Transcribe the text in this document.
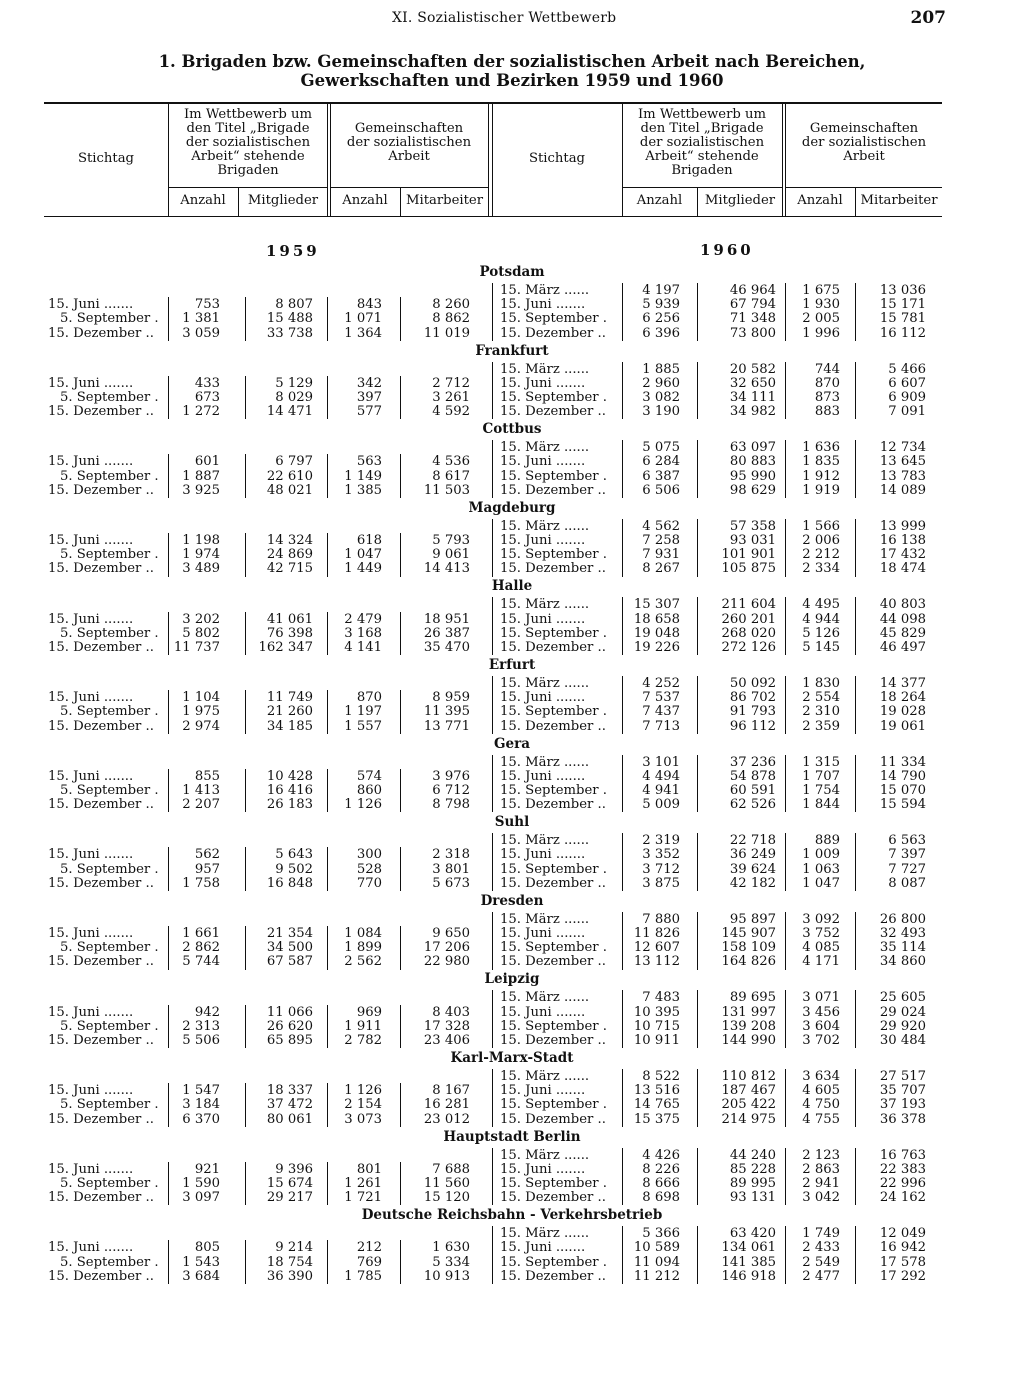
XI. Sozialistischer Wettbewerb	207
1. Brigaden bzw. Gemeinschaften der sozialistischen Arbeit nach Bereichen,
Gewerkschaften und Bezirken 1959 und 1960
Stichtag	Stichtag
Im Wettbewerb um
den Titel „Brigade
der sozialistischen
Arbeit“ stehende
Brigaden
Gemeinschaften
der sozialistischen
Arbeit
Im Wettbewerb um
den Titel „Brigade
der sozialistischen
Arbeit“ stehende
Brigaden
Gemeinschaften
der sozialistischen
Arbeit
Anzahl	Mitglieder	Anzahl	Mitarbeiter	Anzahl	Mitglieder	Anzahl	Mitarbeiter
1959	1960
Potsdam
15. März ......	4 197	46 964	1 675	13 036
15. Juni .......	5 939	67 794	1 930	15 171
15. September .	6 256	71 348	2 005	15 781
15. Dezember ..	6 396	73 800	1 996	16 112
15. Juni .......	753	8 807	843	8 260
5. September .	1 381	15 488	1 071	8 862
15. Dezember ..	3 059	33 738	1 364	11 019
Frankfurt
15. März ......	1 885	20 582	744	5 466
15. Juni .......	2 960	32 650	870	6 607
15. September .	3 082	34 111	873	6 909
15. Dezember ..	3 190	34 982	883	7 091
15. Juni .......	433	5 129	342	2 712
5. September .	673	8 029	397	3 261
15. Dezember ..	1 272	14 471	577	4 592
Cottbus
15. März ......	5 075	63 097	1 636	12 734
15. Juni .......	6 284	80 883	1 835	13 645
15. September .	6 387	95 990	1 912	13 783
15. Dezember ..	6 506	98 629	1 919	14 089
15. Juni .......	601	6 797	563	4 536
5. September .	1 887	22 610	1 149	8 617
15. Dezember ..	3 925	48 021	1 385	11 503
Magdeburg
15. März ......	4 562	57 358	1 566	13 999
15. Juni .......	7 258	93 031	2 006	16 138
15. September .	7 931	101 901	2 212	17 432
15. Dezember ..	8 267	105 875	2 334	18 474
15. Juni .......	1 198	14 324	618	5 793
5. September .	1 974	24 869	1 047	9 061
15. Dezember ..	3 489	42 715	1 449	14 413
Halle
15. März ......	15 307	211 604	4 495	40 803
15. Juni .......	18 658	260 201	4 944	44 098
15. September .	19 048	268 020	5 126	45 829
15. Dezember ..	19 226	272 126	5 145	46 497
15. Juni .......	3 202	41 061	2 479	18 951
5. September .	5 802	76 398	3 168	26 387
15. Dezember ..	11 737	162 347	4 141	35 470
Erfurt
15. März ......	4 252	50 092	1 830	14 377
15. Juni .......	7 537	86 702	2 554	18 264
15. September .	7 437	91 793	2 310	19 028
15. Dezember ..	7 713	96 112	2 359	19 061
15. Juni .......	1 104	11 749	870	8 959
5. September .	1 975	21 260	1 197	11 395
15. Dezember ..	2 974	34 185	1 557	13 771
Gera
15. März ......	3 101	37 236	1 315	11 334
15. Juni .......	4 494	54 878	1 707	14 790
15. September .	4 941	60 591	1 754	15 070
15. Dezember ..	5 009	62 526	1 844	15 594
15. Juni .......	855	10 428	574	3 976
5. September .	1 413	16 416	860	6 712
15. Dezember ..	2 207	26 183	1 126	8 798
Suhl
15. März ......	2 319	22 718	889	6 563
15. Juni .......	3 352	36 249	1 009	7 397
15. September .	3 712	39 624	1 063	7 727
15. Dezember ..	3 875	42 182	1 047	8 087
15. Juni .......	562	5 643	300	2 318
5. September .	957	9 502	528	3 801
15. Dezember ..	1 758	16 848	770	5 673
Dresden
15. März ......	7 880	95 897	3 092	26 800
15. Juni .......	11 826	145 907	3 752	32 493
15. September .	12 607	158 109	4 085	35 114
15. Dezember ..	13 112	164 826	4 171	34 860
15. Juni .......	1 661	21 354	1 084	9 650
5. September .	2 862	34 500	1 899	17 206
15. Dezember ..	5 744	67 587	2 562	22 980
Leipzig
15. März ......	7 483	89 695	3 071	25 605
15. Juni .......	10 395	131 997	3 456	29 024
15. September .	10 715	139 208	3 604	29 920
15. Dezember ..	10 911	144 990	3 702	30 484
15. Juni .......	942	11 066	969	8 403
5. September .	2 313	26 620	1 911	17 328
15. Dezember ..	5 506	65 895	2 782	23 406
Karl-Marx-Stadt
15. März ......	8 522	110 812	3 634	27 517
15. Juni .......	13 516	187 467	4 605	35 707
15. September .	14 765	205 422	4 750	37 193
15. Dezember ..	15 375	214 975	4 755	36 378
15. Juni .......	1 547	18 337	1 126	8 167
5. September .	3 184	37 472	2 154	16 281
15. Dezember ..	6 370	80 061	3 073	23 012
Hauptstadt Berlin
15. März ......	4 426	44 240	2 123	16 763
15. Juni .......	8 226	85 228	2 863	22 383
15. September .	8 666	89 995	2 941	22 996
15. Dezember ..	8 698	93 131	3 042	24 162
15. Juni .......	921	9 396	801	7 688
5. September .	1 590	15 674	1 261	11 560
15. Dezember ..	3 097	29 217	1 721	15 120
Deutsche Reichsbahn - Verkehrsbetrieb
15. März ......	5 366	63 420	1 749	12 049
15. Juni .......	10 589	134 061	2 433	16 942
15. September .	11 094	141 385	2 549	17 578
15. Dezember ..	11 212	146 918	2 477	17 292
15. Juni .......	805	9 214	212	1 630
5. September .	1 543	18 754	769	5 334
15. Dezember ..	3 684	36 390	1 785	10 913
